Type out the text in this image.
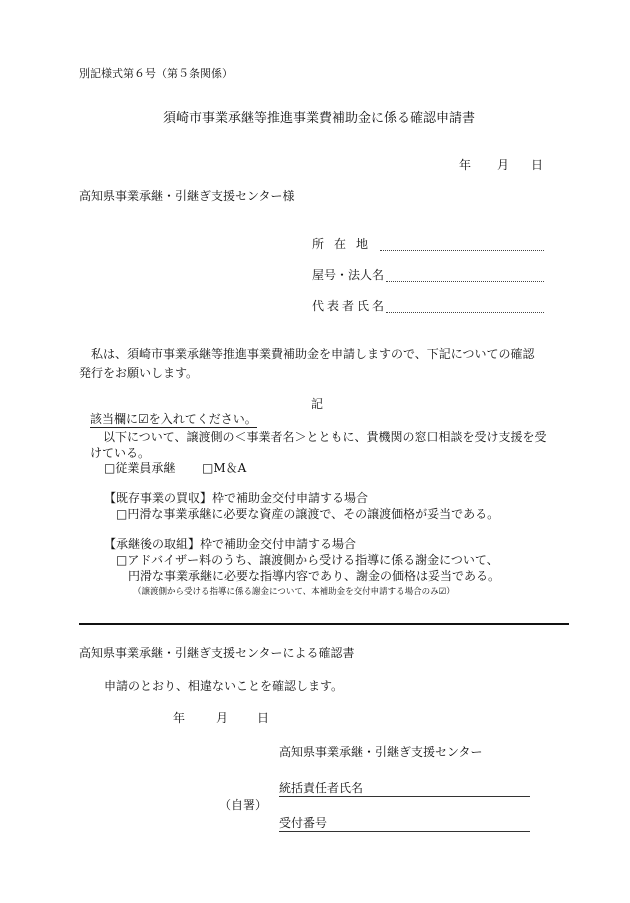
別記様式第６号（第５条関係）
須崎市事業承継等推進事業費補助金に係る確認申請書
年 月 日
高知県事業承継・引継ぎ支援センター様
所在地
屋号・法人名
代表者氏名
私は、須崎市事業承継等推進事業費補助金を申請しますので、下記についての確認
発行をお願いします。
記
該当欄に☑を入れてください。
以下について、譲渡側の＜事業者名＞とともに、貴機関の窓口相談を受け支援を受
けている。
□従業員承継 □M＆A
【既存事業の買収】枠で補助金交付申請する場合
□円滑な事業承継に必要な資産の譲渡で、その譲渡価格が妥当である。
【承継後の取組】枠で補助金交付申請する場合
□アドバイザー料のうち、譲渡側から受ける指導に係る謝金について、
円滑な事業承継に必要な指導内容であり、謝金の価格は妥当である。
（譲渡側から受ける指導に係る謝金について、本補助金を交付申請する場合のみ☑）
高知県事業承継・引継ぎ支援センターによる確認書
申請のとおり、相違ないことを確認します。
年	月 日
高知県事業承継・引継ぎ支援センター
統括責任者氏名
（自署）
受付番号
